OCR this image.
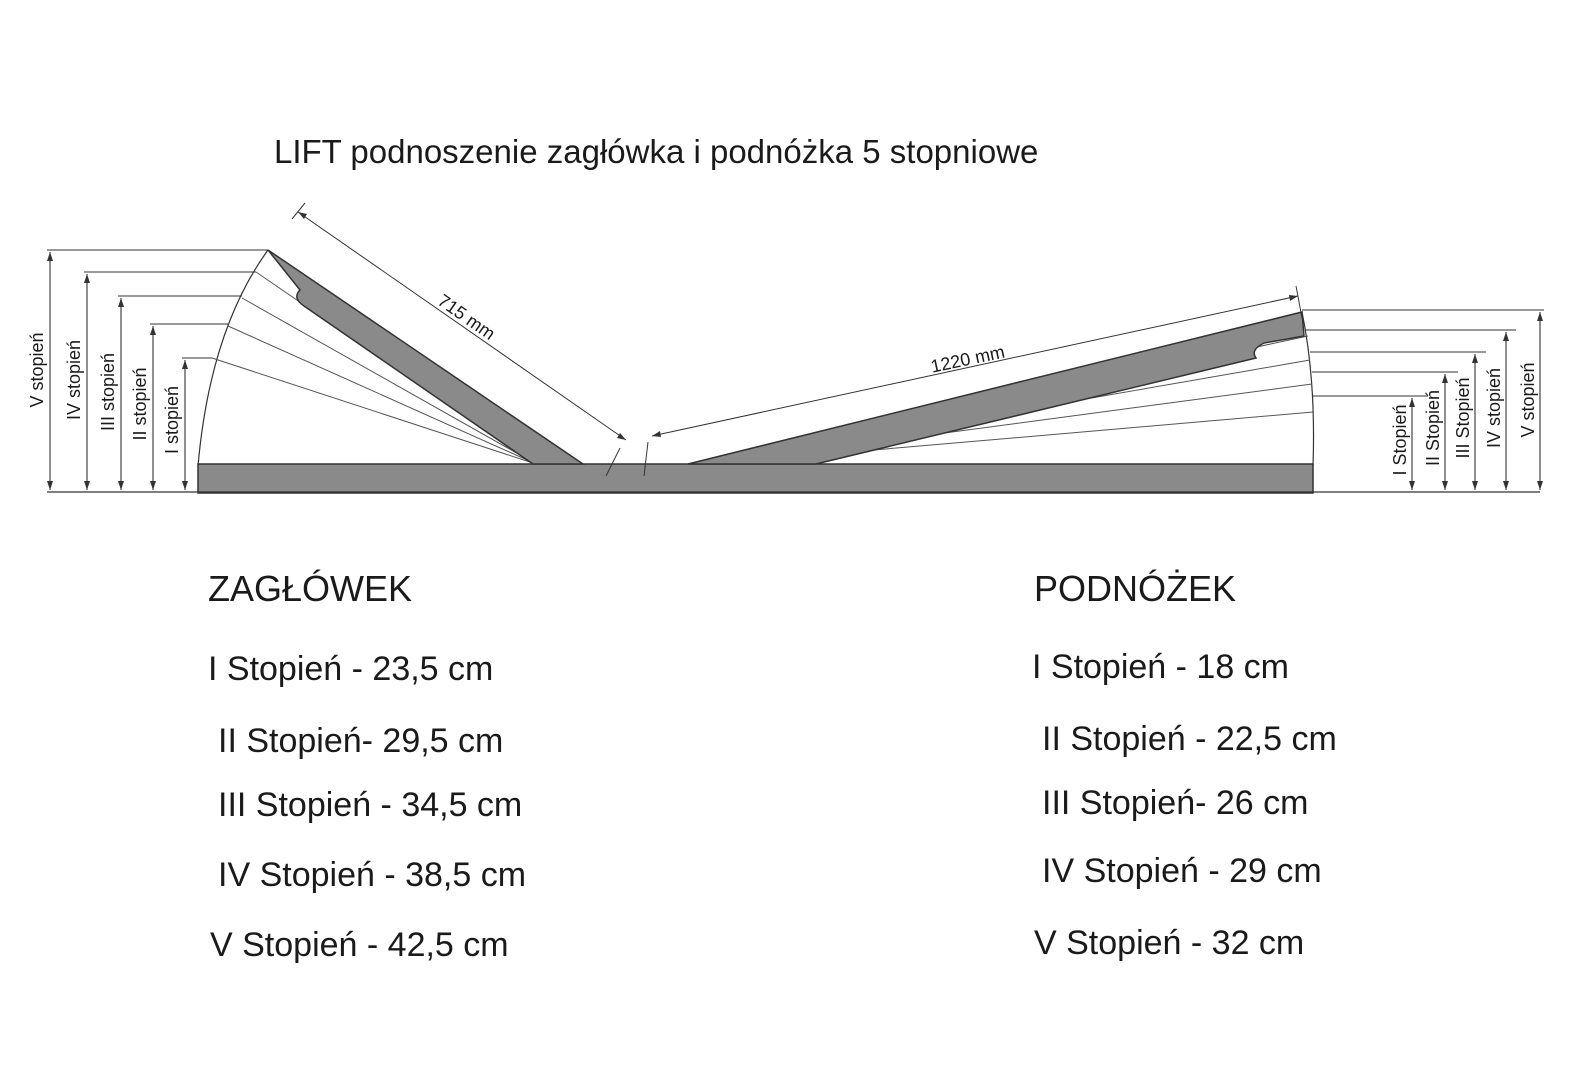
LIFT podnoszenie zagłówka i podnóżka 5 stopniowe
V stopień IV stopień III stopień II stopień I stopień
715 mm
I Stopień II Stopień III Stopień IV stopień V stopień
1220 mm
ZAGŁÓWEK
I Stopień - 23,5 cm
II Stopień- 29,5 cm
III Stopień - 34,5 cm
IV Stopień - 38,5 cm
V Stopień - 42,5 cm
PODNÓŻEK
I Stopień - 18 cm
II Stopień - 22,5 cm
III Stopień- 26 cm
IV Stopień - 29 cm
V Stopień - 32 cm
